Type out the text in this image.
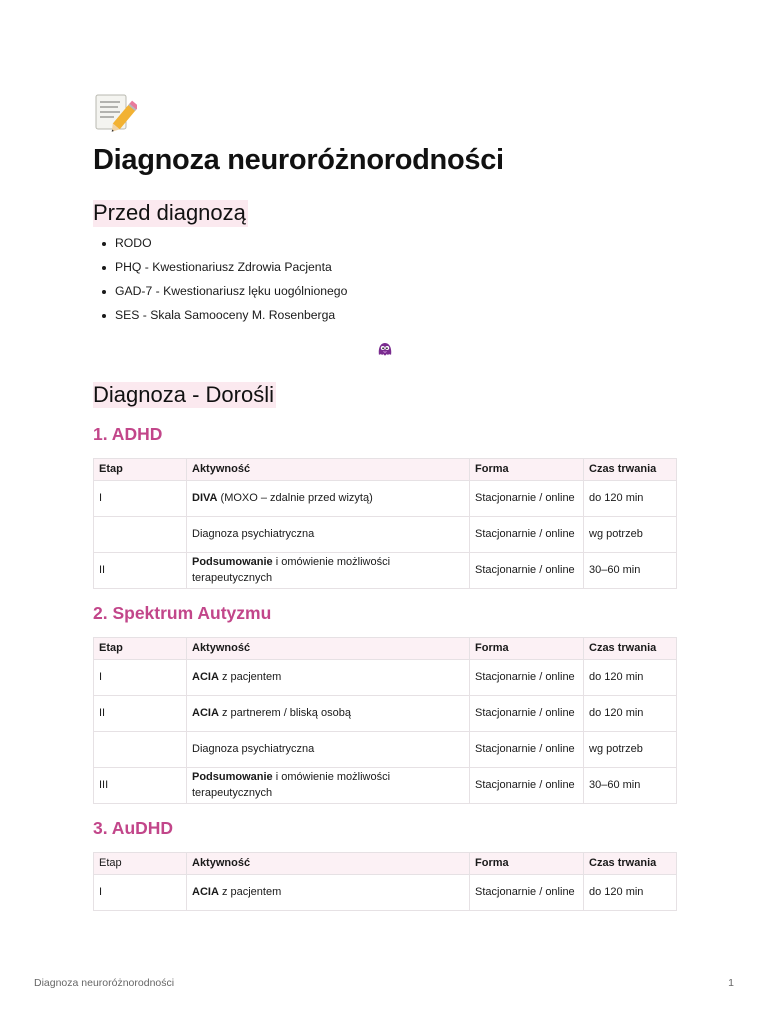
Diagnoza neuroróżnorodności
Przed diagnozą
RODO
PHQ - Kwestionariusz Zdrowia Pacjenta
GAD-7 - Kwestionariusz lęku uogólnionego
SES - Skala Samooceny M. Rosenberga
Diagnoza - Dorośli
1. ADHD
Etap	Aktywność	Forma	Czas trwania
I	DIVA (MOXO – zdalnie przed wizytą)	Stacjonarnie / online	do 120 min
	Diagnoza psychiatryczna	Stacjonarnie / online	wg potrzeb
II	Podsumowanie i omówienie możliwości terapeutycznych	Stacjonarnie / online	30–60 min
2. Spektrum Autyzmu
Etap	Aktywność	Forma	Czas trwania
I	ACIA z pacjentem	Stacjonarnie / online	do 120 min
II	ACIA z partnerem / bliską osobą	Stacjonarnie / online	do 120 min
	Diagnoza psychiatryczna	Stacjonarnie / online	wg potrzeb
III	Podsumowanie i omówienie możliwości terapeutycznych	Stacjonarnie / online	30–60 min
3. AuDHD
Etap	Aktywność	Forma	Czas trwania
I	ACIA z pacjentem	Stacjonarnie / online	do 120 min
Diagnoza neuroróżnorodności	1
